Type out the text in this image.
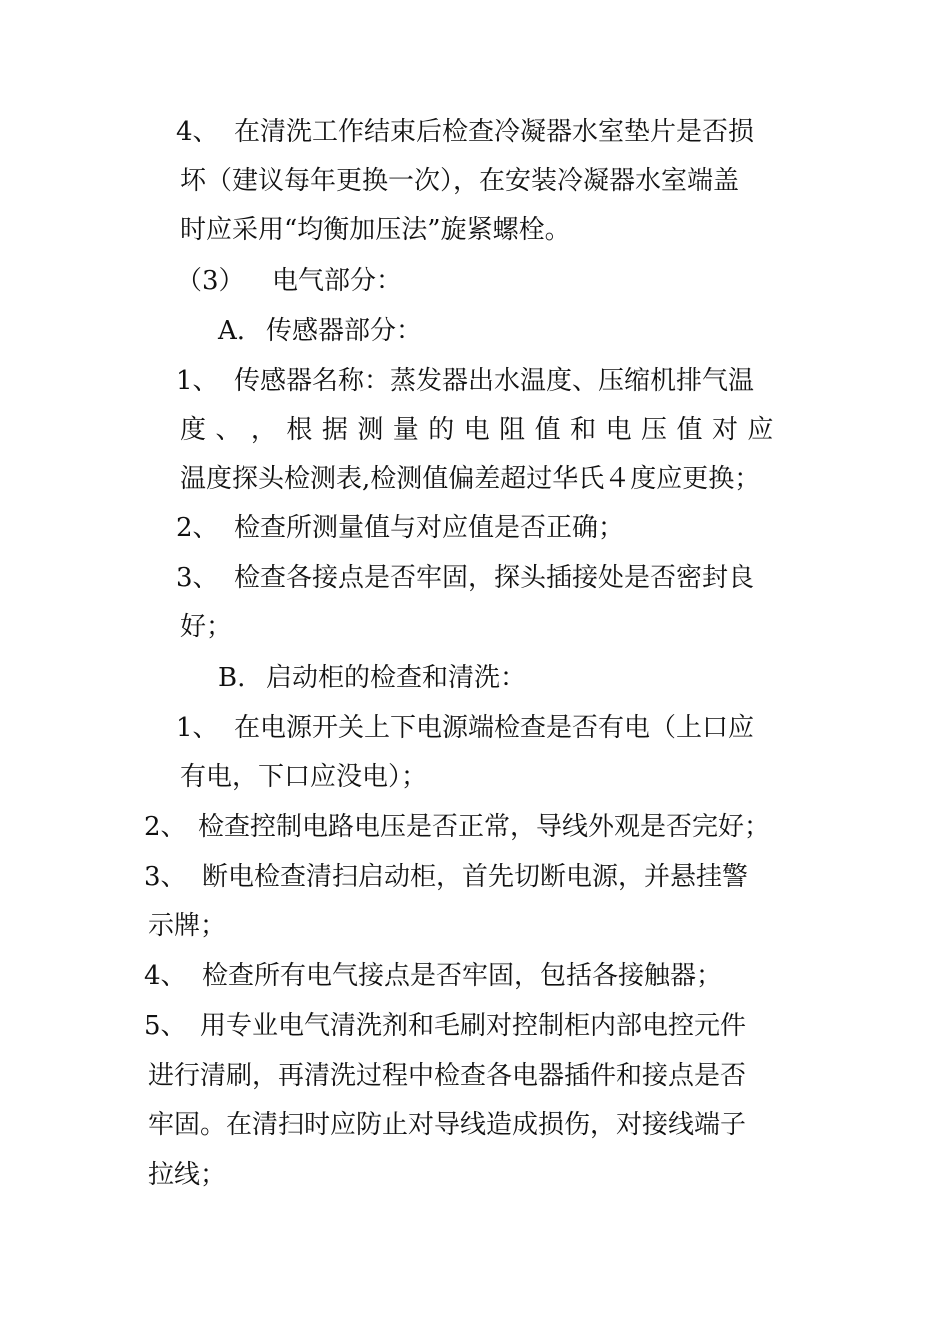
4、 在清洗工作结束后检查冷凝器水室垫片是否损
坏（建议每年更换一次），在安装冷凝器水室端盖
时应采用“均衡加压法”旋紧螺栓。
（3） 电气部分：
A. 传感器部分：
1、 传感器名称：蒸发器出水温度、压缩机排气温
度 、 ， 根 据 测 量 的 电 阻 值 和 电 压 值 对 应
温度探头检测表,检测值偏差超过华氏４度应更换；
2、 检查所测量值与对应值是否正确；
3、 检查各接点是否牢固，探头插接处是否密封良
好；
B. 启动柜的检查和清洗：
1、 在电源开关上下电源端检查是否有电（上口应
有电，下口应没电）；
2、 检查控制电路电压是否正常，导线外观是否完好；
3、 断电检查清扫启动柜，首先切断电源，并悬挂警
示牌；
4、 检查所有电气接点是否牢固，包括各接触器；
5、 用专业电气清洗剂和毛刷对控制柜内部电控元件
进行清刷，再清洗过程中检查各电器插件和接点是否
牢固。在清扫时应防止对导线造成损伤，对接线端子
拉线；
